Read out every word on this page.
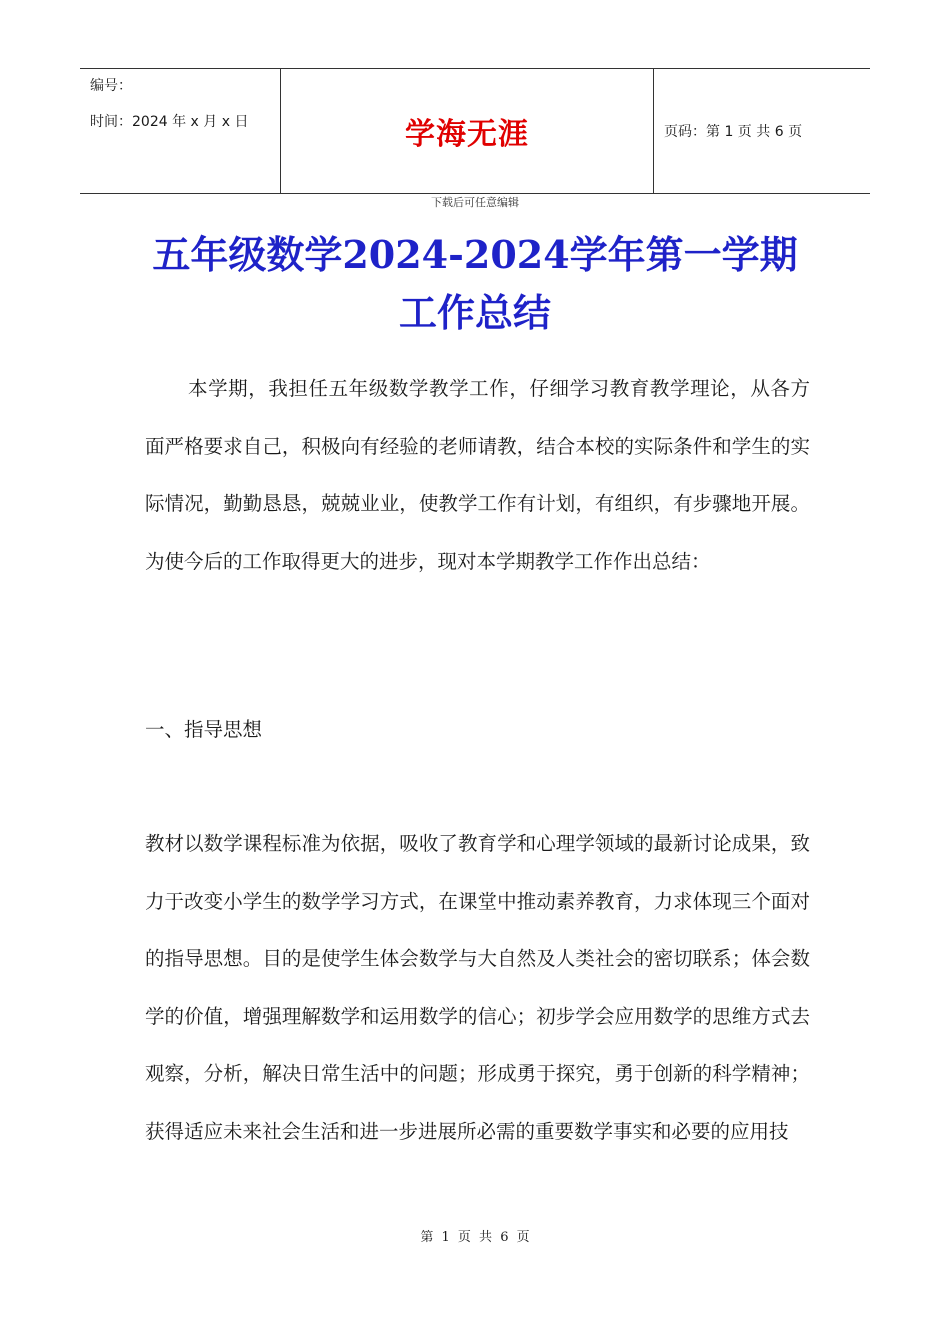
编号：
时间：2024 年 x 月 x 日	学海无涯	页码：第 1 页 共 6 页
下载后可任意编辑
五年级数学2024-2024学年第一学期
工作总结

本学期，我担任五年级数学教学工作，仔细学习教育教学理论，从各方面严格要求自己，积极向有经验的老师请教，结合本校的实际条件和学生的实际情况，勤勤恳恳，兢兢业业，使教学工作有计划，有组织，有步骤地开展。为使今后的工作取得更大的进步，现对本学期教学工作作出总结：

一、指导思想

教材以数学课程标准为依据，吸收了教育学和心理学领域的最新讨论成果，致力于改变小学生的数学学习方式，在课堂中推动素养教育，力求体现三个面对的指导思想。目的是使学生体会数学与大自然及人类社会的密切联系；体会数学的价值，增强理解数学和运用数学的信心；初步学会应用数学的思维方式去观察，分析，解决日常生活中的问题；形成勇于探究，勇于创新的科学精神；获得适应未来社会生活和进一步进展所必需的重要数学事实和必要的应用技

第 1 页 共 6 页
